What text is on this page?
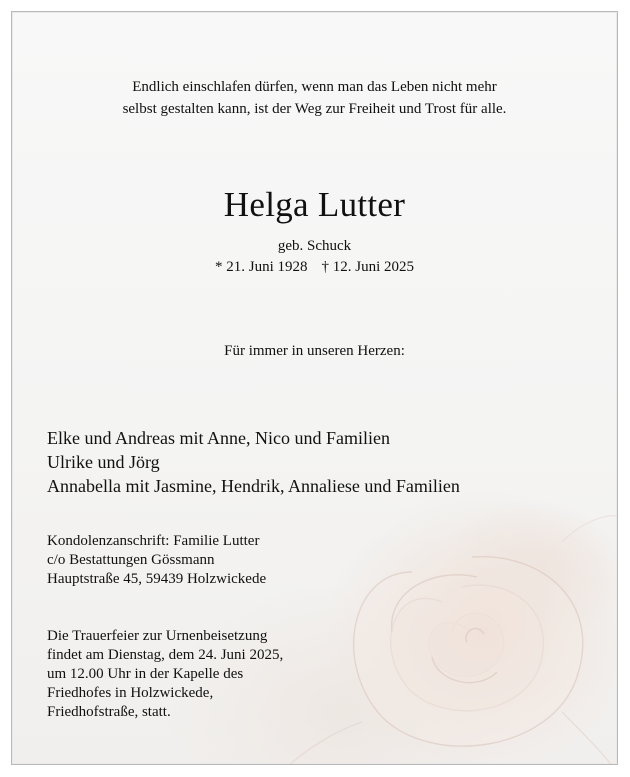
Endlich einschlafen dürfen, wenn man das Leben nicht mehr
selbst gestalten kann, ist der Weg zur Freiheit und Trost für alle.
Helga Lutter
geb. Schuck
* 21. Juni 1928 † 12. Juni 2025
Für immer in unseren Herzen:
Elke und Andreas mit Anne, Nico und Familien
Ulrike und Jörg
Annabella mit Jasmine, Hendrik, Annaliese und Familien
Kondolenzanschrift: Familie Lutter
c/o Bestattungen Gössmann
Hauptstraße 45, 59439 Holzwickede
Die Trauerfeier zur Urnenbeisetzung
findet am Dienstag, dem 24. Juni 2025,
um 12.00 Uhr in der Kapelle des
Friedhofes in Holzwickede,
Friedhofstraße, statt.
